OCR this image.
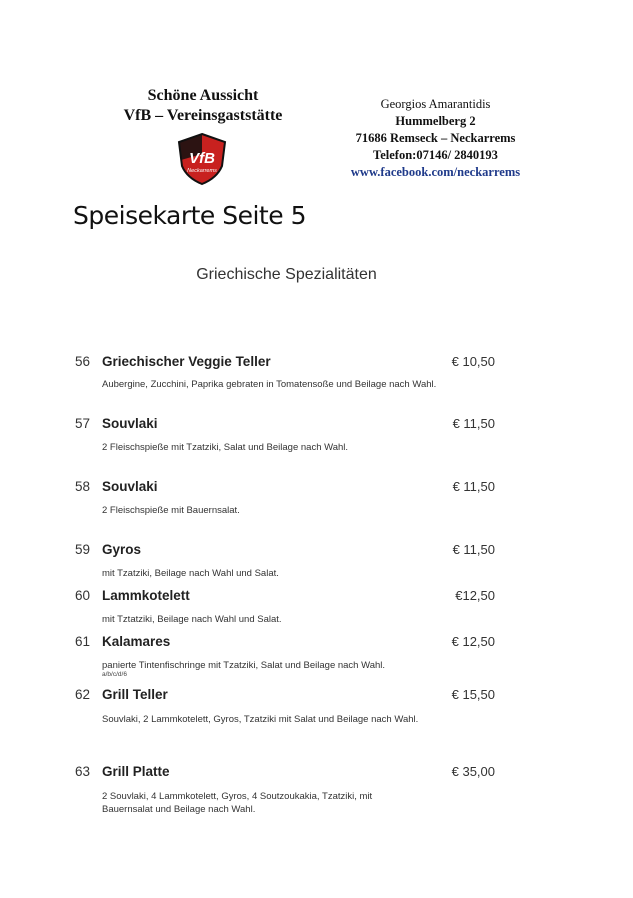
Schöne Aussicht
VfB – Vereinsgaststätte
VfB
Neckarrems
Georgios Amarantidis
Hummelberg 2
71686 Remseck – Neckarrems
Telefon:07146/ 2840193
www.facebook.com/neckarrems
Speisekarte Seite 5
Griechische Spezialitäten
56 Griechischer Veggie Teller	€ 10,50
Aubergine, Zucchini, Paprika gebraten in Tomatensoße und Beilage nach Wahl.
57 Souvlaki	€ 11,50
2 Fleischspieße mit Tzatziki, Salat und Beilage nach Wahl.
58 Souvlaki	€ 11,50
2 Fleischspieße mit Bauernsalat.
59 Gyros	€ 11,50
mit Tzatziki, Beilage nach Wahl und Salat.
60 Lammkotelett	€12,50
mit Tztatziki, Beilage nach Wahl und Salat.
61 Kalamares	€ 12,50
panierte Tintenfischringe mit Tzatziki, Salat und Beilage nach Wahl.
a/b/c/d/6
62 Grill Teller	€ 15,50
Souvlaki, 2 Lammkotelett, Gyros, Tzatziki mit Salat und Beilage nach Wahl.
63 Grill Platte	€ 35,00
2 Souvlaki, 4 Lammkotelett, Gyros, 4 Soutzoukakia, Tzatziki, mit Bauernsalat und Beilage nach Wahl.
